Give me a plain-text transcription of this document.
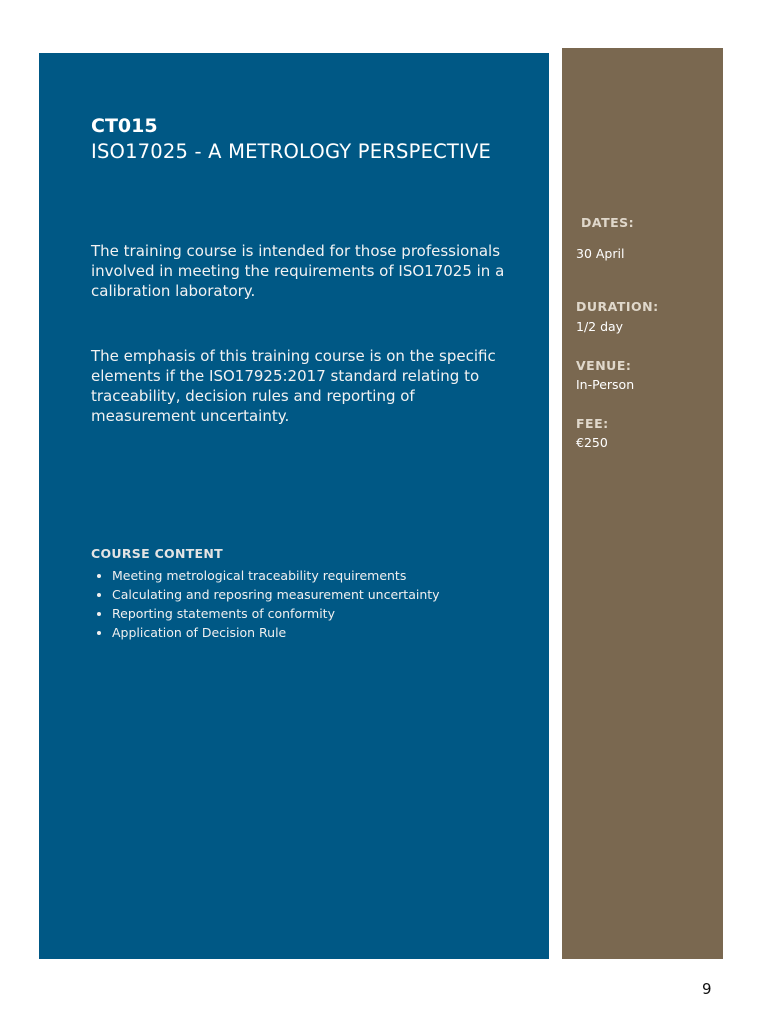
CT015
ISO17025 - A METROLOGY PERSPECTIVE

The training course is intended for those professionals involved in meeting the requirements of ISO17025 in a calibration laboratory.

The emphasis of this training course is on the specific elements if the ISO17925:2017 standard relating to traceability, decision rules and reporting of measurement uncertainty.

COURSE CONTENT
• Meeting metrological traceability requirements
• Calculating and reposring measurement uncertainty
• Reporting statements of conformity
• Application of Decision Rule
DATES:
30 April
DURATION:
1/2 day
VENUE:
In-Person
FEE:
€250
9
